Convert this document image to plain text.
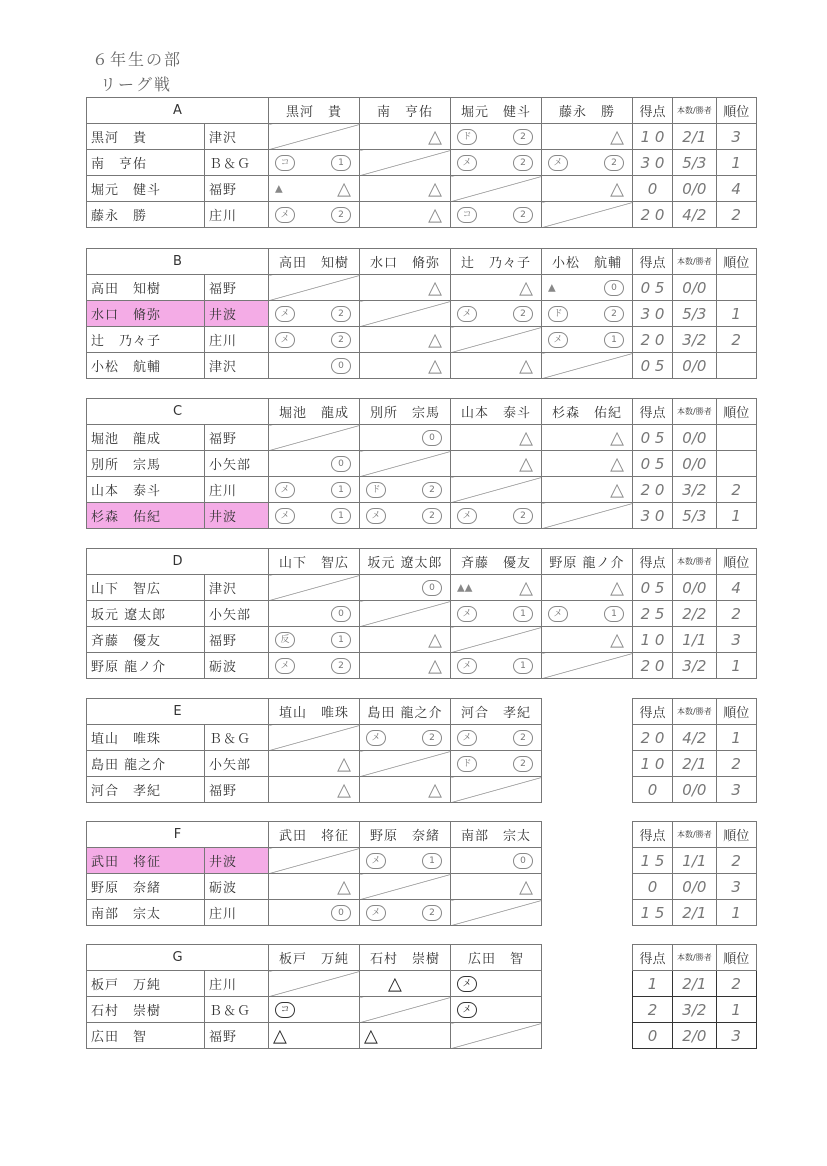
６年生の部
リーグ戦
A		黒河　貴	南　亨佑	堀元　健斗	藤永　勝	得点	本数/勝者	順位
黒河　貴	津沢		△	ド 2	△	1 0	2/1	3
南　亨佑	Ｂ＆Ｇ	コ 1		メ 2	メ 2	3 0	5/3	1
堀元　健斗	福野	▲ △	△		△	0	0/0	4
藤永　勝	庄川	メ 2	△	コ 2		2 0	4/2	2
B		高田　知樹	水口　脩弥	辻　乃々子	小松　航輔	得点	本数/勝者	順位
高田　知樹	福野		△	△	▲ 0	0 5	0/0	
水口　脩弥	井波	メ 2		メ 2	ド 2	3 0	5/3	1
辻　乃々子	庄川	メ 2	△		メ 1	2 0	3/2	2
小松　航輔	津沢	0	△	△		0 5	0/0	
C		堀池　龍成	別所　宗馬	山本　泰斗	杉森　佑紀	得点	本数/勝者	順位
堀池　龍成	福野		0	△	△	0 5	0/0	
別所　宗馬	小矢部	0		△	△	0 5	0/0	
山本　泰斗	庄川	メ 1	ド 2		△	2 0	3/2	2
杉森　佑紀	井波	メ 1	メ 2	メ 2		3 0	5/3	1
D		山下　智広	坂元 遼太郎	斉藤　優友	野原 龍ノ介	得点	本数/勝者	順位
山下　智広	津沢		0	▲▲ △	△	0 5	0/0	4
坂元 遼太郎	小矢部	0		メ 1	メ 1	2 5	2/2	2
斉藤　優友	福野	反 1	△		△	1 0	1/1	3
野原 龍ノ介	砺波	メ 2	△	メ 1		2 0	3/2	1
E		埴山　唯珠	島田 龍之介	河合　孝紀		得点	本数/勝者	順位
埴山　唯珠	Ｂ＆Ｇ		メ 2	メ 2		2 0	4/2	1
島田 龍之介	小矢部	△		ド 2		1 0	2/1	2
河合　孝紀	福野	△	△			0	0/0	3
F		武田　将征	野原　奈緒	南部　宗太		得点	本数/勝者	順位
武田　将征	井波		メ 1	0		1 5	1/1	2
野原　奈緒	砺波	△		△		0	0/0	3
南部　宗太	庄川	0	メ 2			1 5	2/1	1
G		板戸　万純	石村　崇樹	広田　智		得点	本数/勝者	順位
板戸　万純	庄川		△	メ		1	2/1	2
石村　崇樹	Ｂ＆Ｇ	コ		メ		2	3/2	1
広田　智	福野	△	△			0	2/0	3
